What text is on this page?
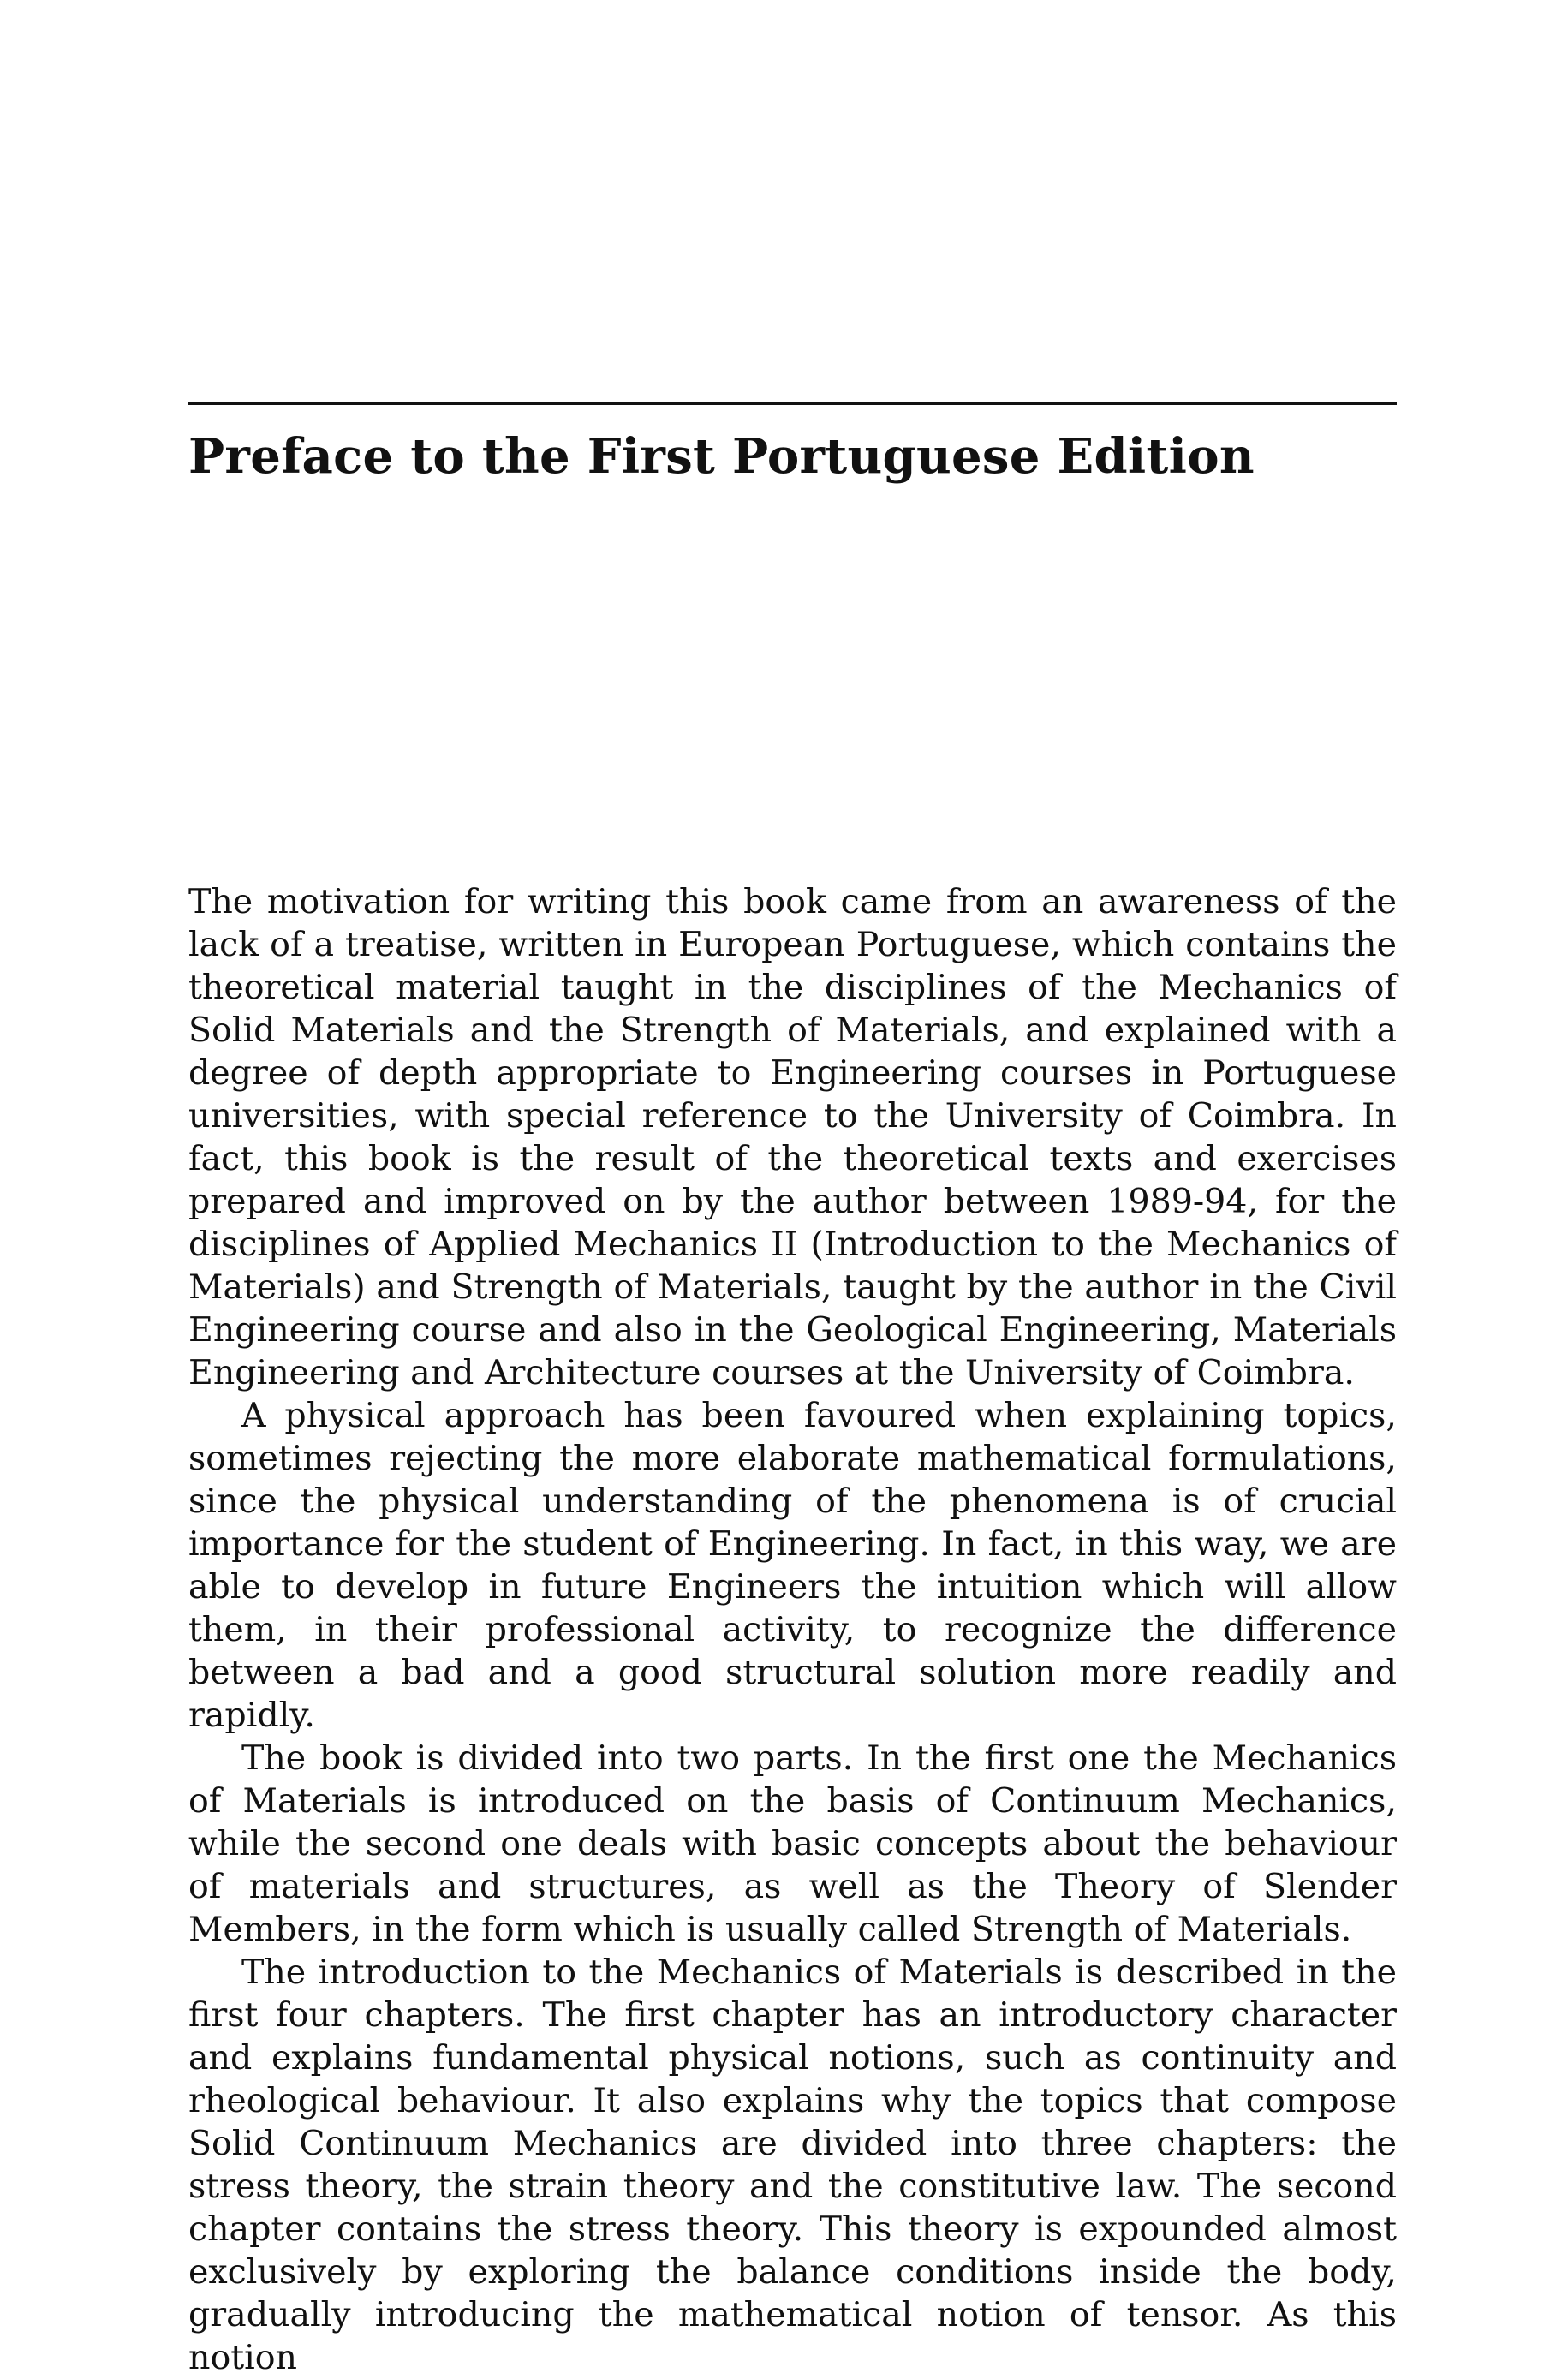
Preface to the First Portuguese Edition

The motivation for writing this book came from an awareness of the lack of a treatise, written in European Portuguese, which contains the theoretical material taught in the disciplines of the Mechanics of Solid Materials and the Strength of Materials, and explained with a degree of depth appropriate to Engineering courses in Portuguese universities, with special reference to the University of Coimbra. In fact, this book is the result of the theoretical texts and exercises prepared and improved on by the author between 1989-94, for the disciplines of Applied Mechanics II (Introduction to the Mechanics of Materials) and Strength of Materials, taught by the author in the Civil Engineering course and also in the Geological Engineering, Materials Engineering and Architecture courses at the University of Coimbra.

A physical approach has been favoured when explaining topics, sometimes rejecting the more elaborate mathematical formulations, since the physical understanding of the phenomena is of crucial importance for the student of Engineering. In fact, in this way, we are able to develop in future Engineers the intuition which will allow them, in their professional activity, to recognize the difference between a bad and a good structural solution more readily and rapidly.

The book is divided into two parts. In the first one the Mechanics of Materials is introduced on the basis of Continuum Mechanics, while the second one deals with basic concepts about the behaviour of materials and structures, as well as the Theory of Slender Members, in the form which is usually called Strength of Materials.

The introduction to the Mechanics of Materials is described in the first four chapters. The first chapter has an introductory character and explains fundamental physical notions, such as continuity and rheological behaviour. It also explains why the topics that compose Solid Continuum Mechanics are divided into three chapters: the stress theory, the strain theory and the constitutive law. The second chapter contains the stress theory. This theory is expounded almost exclusively by exploring the balance conditions inside the body, gradually introducing the mathematical notion of tensor. As this notion
